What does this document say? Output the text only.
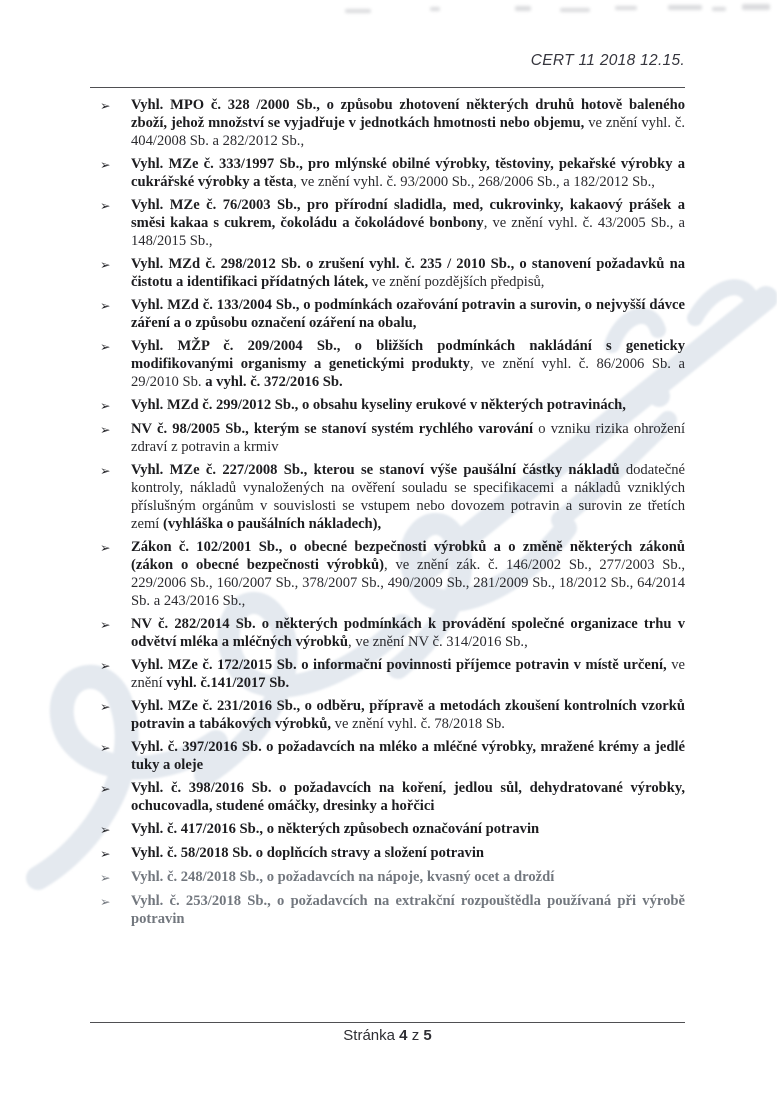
CERT 11 2018 12.15.
➢	Vyhl. MPO č. 328 /2000 Sb., o způsobu zhotovení některých druhů hotově baleného zboží, jehož množství se vyjadřuje v jednotkách hmotnosti nebo objemu, ve znění vyhl. č. 404/2008 Sb. a 282/2012 Sb.,
➢	Vyhl. MZe č. 333/1997 Sb., pro mlýnské obilné výrobky, těstoviny, pekařské výrobky a cukrářské výrobky a těsta, ve znění vyhl. č. 93/2000 Sb., 268/2006 Sb., a 182/2012 Sb.,
➢	Vyhl. MZe č. 76/2003 Sb., pro přírodní sladidla, med, cukrovinky, kakaový prášek a směsi kakaa s cukrem, čokoládu a čokoládové bonbony, ve znění vyhl. č. 43/2005 Sb., a 148/2015 Sb.,
➢	Vyhl. MZd č. 298/2012 Sb. o zrušení vyhl. č. 235 / 2010 Sb., o stanovení požadavků na čistotu a identifikaci přídatných látek, ve znění pozdějších předpisů,
➢	Vyhl. MZd č. 133/2004 Sb., o podmínkách ozařování potravin a surovin, o nejvyšší dávce záření a o způsobu označení ozáření na obalu,
➢	Vyhl. MŽP č. 209/2004 Sb., o bližších podmínkách nakládání s geneticky modifikovanými organismy a genetickými produkty, ve znění vyhl. č. 86/2006 Sb. a 29/2010 Sb. a vyhl. č. 372/2016 Sb.
➢	Vyhl. MZd č. 299/2012 Sb., o obsahu kyseliny erukové v některých potravinách,
➢	NV č. 98/2005 Sb., kterým se stanoví systém rychlého varování o vzniku rizika ohrožení zdraví z potravin a krmiv
➢	Vyhl. MZe č. 227/2008 Sb., kterou se stanoví výše paušální částky nákladů dodatečné kontroly, nákladů vynaložených na ověření souladu se specifikacemi a nákladů vzniklých příslušným orgánům v souvislosti se vstupem nebo dovozem potravin a surovin ze třetích zemí (vyhláška o paušálních nákladech),
➢	Zákon č. 102/2001 Sb., o obecné bezpečnosti výrobků a o změně některých zákonů (zákon o obecné bezpečnosti výrobků), ve znění zák. č. 146/2002 Sb., 277/2003 Sb., 229/2006 Sb., 160/2007 Sb., 378/2007 Sb., 490/2009 Sb., 281/2009 Sb., 18/2012 Sb., 64/2014 Sb. a 243/2016 Sb.,
➢	NV č. 282/2014 Sb. o některých podmínkách k provádění společné organizace trhu v odvětví mléka a mléčných výrobků, ve znění NV č. 314/2016 Sb.,
➢	Vyhl. MZe č. 172/2015 Sb. o informační povinnosti příjemce potravin v místě určení, ve znění vyhl. č.141/2017 Sb.
➢	Vyhl. MZe č. 231/2016 Sb., o odběru, přípravě a metodách zkoušení kontrolních vzorků potravin a tabákových výrobků, ve znění vyhl. č. 78/2018 Sb.
➢	Vyhl. č. 397/2016 Sb. o požadavcích na mléko a mléčné výrobky, mražené krémy a jedlé tuky a oleje
➢	Vyhl. č. 398/2016 Sb. o požadavcích na koření, jedlou sůl, dehydratované výrobky, ochucovadla, studené omáčky, dresinky a hořčici
➢	Vyhl. č. 417/2016 Sb., o některých způsobech označování potravin
➢	Vyhl. č. 58/2018 Sb. o doplňcích stravy a složení potravin
➢	Vyhl. č. 248/2018 Sb., o požadavcích na nápoje, kvasný ocet a droždí
➢	Vyhl. č. 253/2018 Sb., o požadavcích na extrakční rozpouštědla používaná při výrobě potravin
Stránka 4 z 5
